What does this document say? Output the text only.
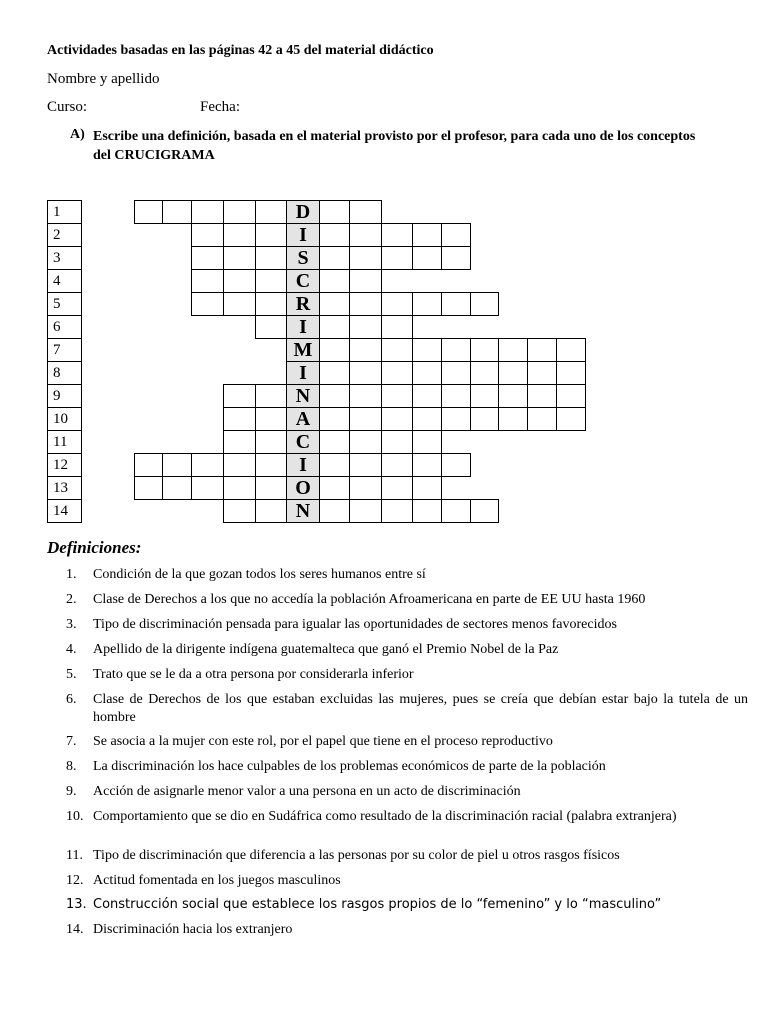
Actividades basadas en las páginas 42 a 45 del material didáctico
Nombre y apellido
Curso:	Fecha:
A) Escribe una definición, basada en el material provisto por el profesor, para cada uno de los conceptos del CRUCIGRAMA
1
2
3
4
5
6
7
8
9
10
11
12
13
14
D
I
S
C
R
I
M
I
N
A
C
I
O
N
Definiciones:
1. Condición de la que gozan todos los seres humanos entre sí
2. Clase de Derechos a los que no accedía la población Afroamericana en parte de EE UU hasta 1960
3. Tipo de discriminación pensada para igualar las oportunidades de sectores menos favorecidos
4. Apellido de la dirigente indígena guatemalteca que ganó el Premio Nobel de la Paz
5. Trato que se le da a otra persona por considerarla inferior
6. Clase de Derechos de los que estaban excluidas las mujeres, pues se creía que debían estar bajo la tutela de un hombre
7. Se asocia a la mujer con este rol, por el papel que tiene en el proceso reproductivo
8. La discriminación los hace culpables de los problemas económicos de parte de la población
9. Acción de asignarle menor valor a una persona en un acto de discriminación
10. Comportamiento que se dio en Sudáfrica como resultado de la discriminación racial (palabra extranjera)
11. Tipo de discriminación que diferencia a las personas por su color de piel u otros rasgos físicos
12. Actitud fomentada en los juegos masculinos
13. Construcción social que establece los rasgos propios de lo “femenino” y lo “masculino”
14. Discriminación hacia los extranjero
